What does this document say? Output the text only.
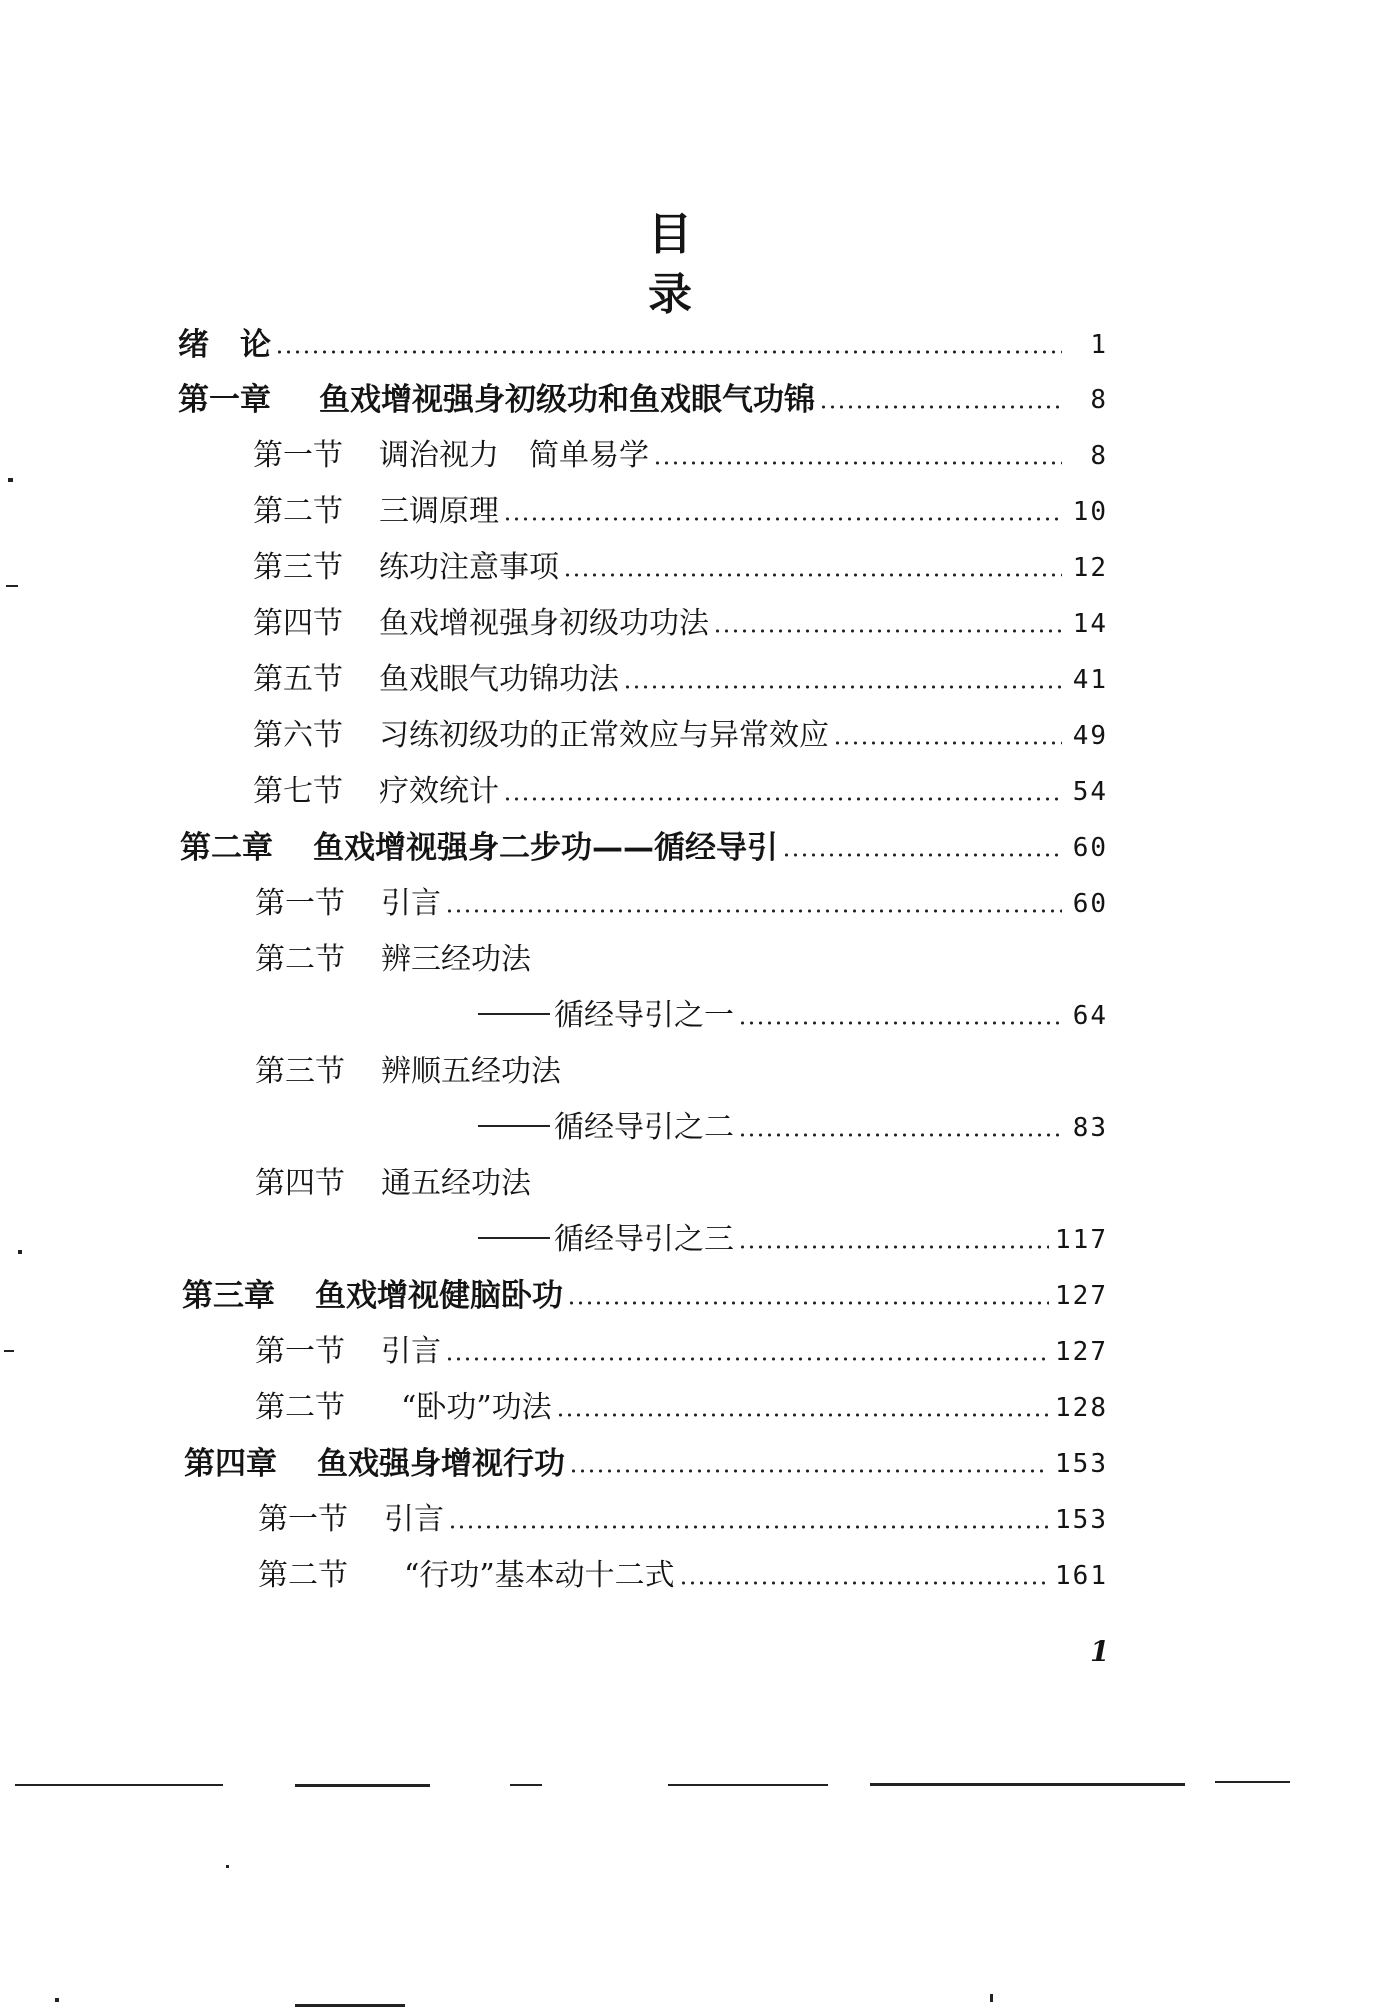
目　录
绪　论	1
第一章 鱼戏增视强身初级功和鱼戏眼气功锦	8
第一节 调治视力　简单易学	8
第二节 三调原理	10
第三节 练功注意事项	12
第四节 鱼戏增视强身初级功功法	14
第五节 鱼戏眼气功锦功法	41
第六节 习练初级功的正常效应与异常效应	49
第七节 疗效统计	54
第二章 鱼戏增视强身二步功——循经导引	60
第一节 引言	60
第二节 辨三经功法
循经导引之一	64
第三节 辨顺五经功法
循经导引之二	83
第四节 通五经功法
循经导引之三	117
第三章 鱼戏增视健脑卧功	127
第一节 引言	127
第二节 “卧功”功法	128
第四章 鱼戏强身增视行功	153
第一节 引言	153
第二节 “行功”基本动十二式	161
1
